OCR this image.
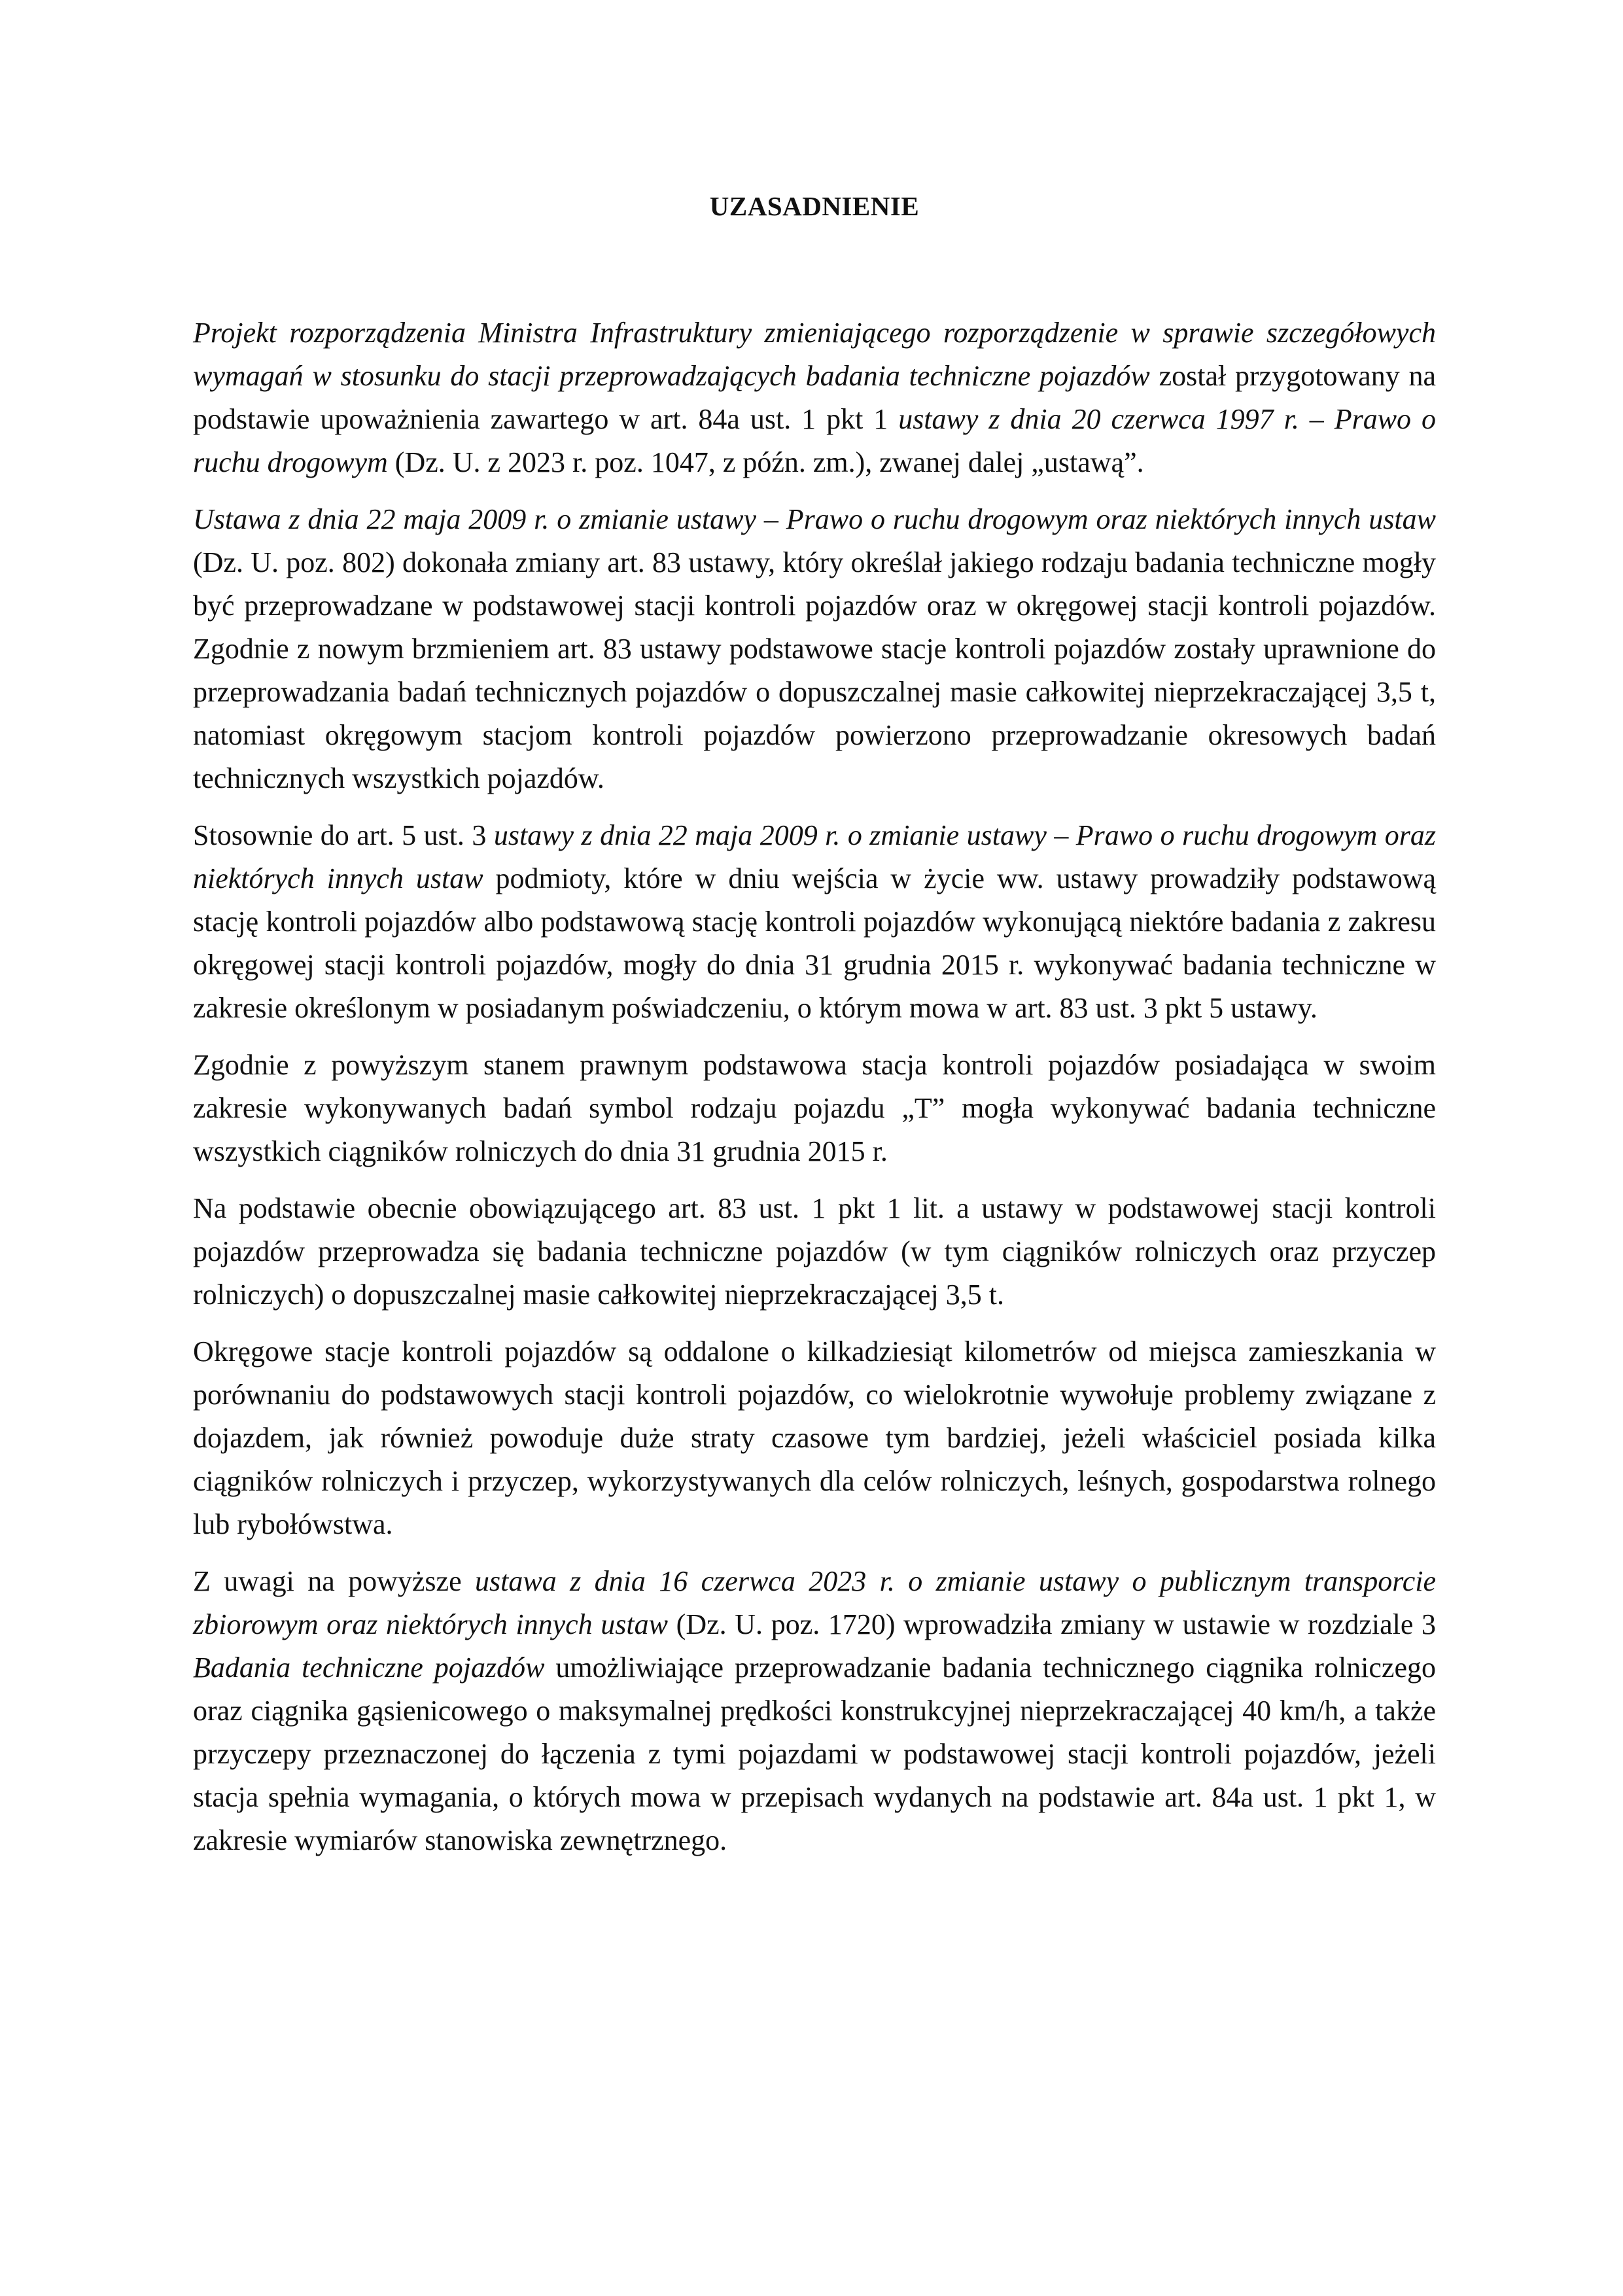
UZASADNIENIE

Projekt rozporządzenia Ministra Infrastruktury zmieniającego rozporządzenie w sprawie szczegółowych wymagań w stosunku do stacji przeprowadzających badania techniczne pojazdów został przygotowany na podstawie upoważnienia zawartego w art. 84a ust. 1 pkt 1 ustawy z dnia 20 czerwca 1997 r. – Prawo o ruchu drogowym (Dz. U. z 2023 r. poz. 1047, z późn. zm.), zwanej dalej „ustawą”.

Ustawa z dnia 22 maja 2009 r. o zmianie ustawy – Prawo o ruchu drogowym oraz niektórych innych ustaw (Dz. U. poz. 802) dokonała zmiany art. 83 ustawy, który określał jakiego rodzaju badania techniczne mogły być przeprowadzane w podstawowej stacji kontroli pojazdów oraz w okręgowej stacji kontroli pojazdów. Zgodnie z nowym brzmieniem art. 83 ustawy podstawowe stacje kontroli pojazdów zostały uprawnione do przeprowadzania badań technicznych pojazdów o dopuszczalnej masie całkowitej nieprzekraczającej 3,5 t, natomiast okręgowym stacjom kontroli pojazdów powierzono przeprowadzanie okresowych badań technicznych wszystkich pojazdów.

Stosownie do art. 5 ust. 3 ustawy z dnia 22 maja 2009 r. o zmianie ustawy – Prawo o ruchu drogowym oraz niektórych innych ustaw podmioty, które w dniu wejścia w życie ww. ustawy prowadziły podstawową stację kontroli pojazdów albo podstawową stację kontroli pojazdów wykonującą niektóre badania z zakresu okręgowej stacji kontroli pojazdów, mogły do dnia 31 grudnia 2015 r. wykonywać badania techniczne w zakresie określonym w posiadanym poświadczeniu, o którym mowa w art. 83 ust. 3 pkt 5 ustawy.

Zgodnie z powyższym stanem prawnym podstawowa stacja kontroli pojazdów posiadająca w swoim zakresie wykonywanych badań symbol rodzaju pojazdu „T” mogła wykonywać badania techniczne wszystkich ciągników rolniczych do dnia 31 grudnia 2015 r.

Na podstawie obecnie obowiązującego art. 83 ust. 1 pkt 1 lit. a ustawy w podstawowej stacji kontroli pojazdów przeprowadza się badania techniczne pojazdów (w tym ciągników rolniczych oraz przyczep rolniczych) o dopuszczalnej masie całkowitej nieprzekraczającej 3,5 t.

Okręgowe stacje kontroli pojazdów są oddalone o kilkadziesiąt kilometrów od miejsca zamieszkania w porównaniu do podstawowych stacji kontroli pojazdów, co wielokrotnie wywołuje problemy związane z dojazdem, jak również powoduje duże straty czasowe tym bardziej, jeżeli właściciel posiada kilka ciągników rolniczych i przyczep, wykorzystywanych dla celów rolniczych, leśnych, gospodarstwa rolnego lub rybołówstwa.

Z uwagi na powyższe ustawa z dnia 16 czerwca 2023 r. o zmianie ustawy o publicznym transporcie zbiorowym oraz niektórych innych ustaw (Dz. U. poz. 1720) wprowadziła zmiany w ustawie w rozdziale 3 Badania techniczne pojazdów umożliwiające przeprowadzanie badania technicznego ciągnika rolniczego oraz ciągnika gąsienicowego o maksymalnej prędkości konstrukcyjnej nieprzekraczającej 40 km/h, a także przyczepy przeznaczonej do łączenia z tymi pojazdami w podstawowej stacji kontroli pojazdów, jeżeli stacja spełnia wymagania, o których mowa w przepisach wydanych na podstawie art. 84a ust. 1 pkt 1, w zakresie wymiarów stanowiska zewnętrznego.
